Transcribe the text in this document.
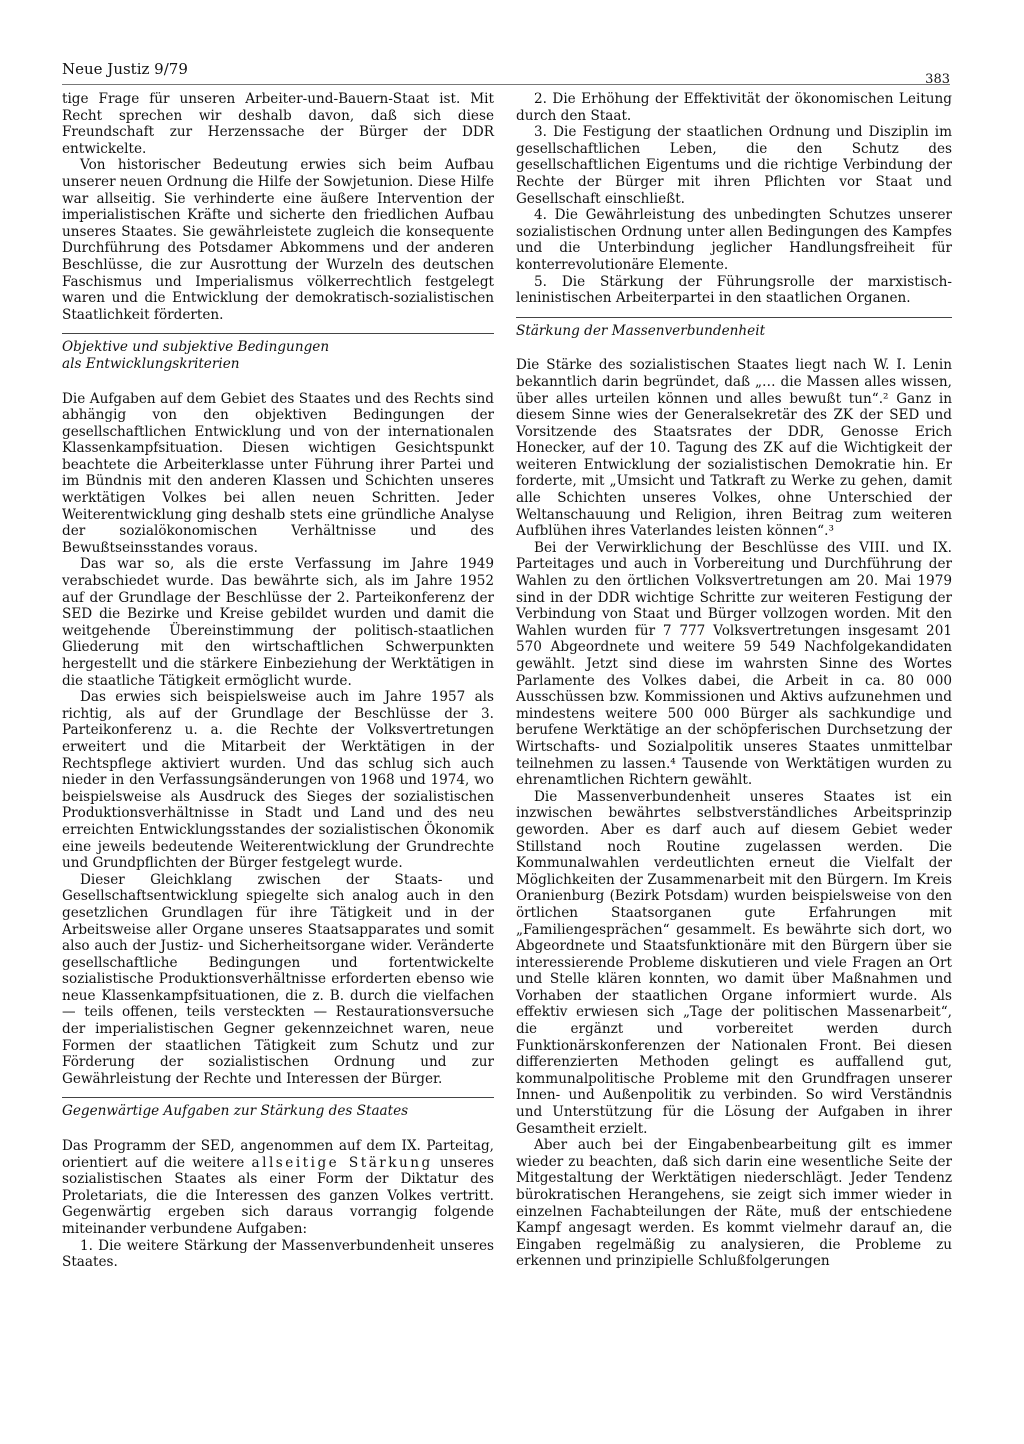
Neue Justiz 9/79
383

tige Frage für unseren Arbeiter-und-Bauern-Staat ist. Mit Recht sprechen wir deshalb davon, daß sich diese Freundschaft zur Herzenssache der Bürger der DDR entwickelte.

Von historischer Bedeutung erwies sich beim Aufbau unserer neuen Ordnung die Hilfe der Sowjetunion. Diese Hilfe war allseitig. Sie verhinderte eine äußere Intervention der imperialistischen Kräfte und sicherte den friedlichen Aufbau unseres Staates. Sie gewährleistete zugleich die konsequente Durchführung des Potsdamer Abkommens und der anderen Beschlüsse, die zur Ausrottung der Wurzeln des deutschen Faschismus und Imperialismus völkerrechtlich festgelegt waren und die Entwicklung der demokratisch-sozialistischen Staatlichkeit förderten.

Objektive und subjektive Bedingungen
als Entwicklungskriterien

Die Aufgaben auf dem Gebiet des Staates und des Rechts sind abhängig von den objektiven Bedingungen der gesellschaftlichen Entwicklung und von der internationalen Klassenkampfsituation. Diesen wichtigen Gesichtspunkt beachtete die Arbeiterklasse unter Führung ihrer Partei und im Bündnis mit den anderen Klassen und Schichten unseres werktätigen Volkes bei allen neuen Schritten. Jeder Weiterentwicklung ging deshalb stets eine gründliche Analyse der sozialökonomischen Verhältnisse und des Bewußtseinsstandes voraus.

Das war so, als die erste Verfassung im Jahre 1949 verabschiedet wurde. Das bewährte sich, als im Jahre 1952 auf der Grundlage der Beschlüsse der 2. Parteikonferenz der SED die Bezirke und Kreise gebildet wurden und damit die weitgehende Übereinstimmung der politisch-staatlichen Gliederung mit den wirtschaftlichen Schwerpunkten hergestellt und die stärkere Einbeziehung der Werktätigen in die staatliche Tätigkeit ermöglicht wurde.

Das erwies sich beispielsweise auch im Jahre 1957 als richtig, als auf der Grundlage der Beschlüsse der 3. Parteikonferenz u. a. die Rechte der Volksvertretungen erweitert und die Mitarbeit der Werktätigen in der Rechtspflege aktiviert wurden. Und das schlug sich auch nieder in den Verfassungsänderungen von 1968 und 1974, wo beispielsweise als Ausdruck des Sieges der sozialistischen Produktionsverhältnisse in Stadt und Land und des neu erreichten Entwicklungsstandes der sozialistischen Ökonomik eine jeweils bedeutende Weiterentwicklung der Grundrechte und Grundpflichten der Bürger festgelegt wurde.

Dieser Gleichklang zwischen der Staats- und Gesellschaftsentwicklung spiegelte sich analog auch in den gesetzlichen Grundlagen für ihre Tätigkeit und in der Arbeitsweise aller Organe unseres Staatsapparates und somit also auch der Justiz- und Sicherheitsorgane wider. Veränderte gesellschaftliche Bedingungen und fortentwickelte sozialistische Produktionsverhältnisse erforderten ebenso wie neue Klassenkampfsituationen, die z. B. durch die vielfachen — teils offenen, teils versteckten — Restaurationsversuche der imperialistischen Gegner gekennzeichnet waren, neue Formen der staatlichen Tätigkeit zum Schutz und zur Förderung der sozialistischen Ordnung und zur Gewährleistung der Rechte und Interessen der Bürger.

Gegenwärtige Aufgaben zur Stärkung des Staates

Das Programm der SED, angenommen auf dem IX. Parteitag, orientiert auf die weitere allseitige Stärkung unseres sozialistischen Staates als einer Form der Diktatur des Proletariats, die die Interessen des ganzen Volkes vertritt. Gegenwärtig ergeben sich daraus vorrangig folgende miteinander verbundene Aufgaben:

1. Die weitere Stärkung der Massenverbundenheit unseres Staates.

2. Die Erhöhung der Effektivität der ökonomischen Leitung durch den Staat.

3. Die Festigung der staatlichen Ordnung und Disziplin im gesellschaftlichen Leben, die den Schutz des gesellschaftlichen Eigentums und die richtige Verbindung der Rechte der Bürger mit ihren Pflichten vor Staat und Gesellschaft einschließt.

4. Die Gewährleistung des unbedingten Schutzes unserer sozialistischen Ordnung unter allen Bedingungen des Kampfes und die Unterbindung jeglicher Handlungsfreiheit für konterrevolutionäre Elemente.

5. Die Stärkung der Führungsrolle der marxistisch-leninistischen Arbeiterpartei in den staatlichen Organen.

Stärkung der Massenverbundenheit

Die Stärke des sozialistischen Staates liegt nach W. I. Lenin bekanntlich darin begründet, daß „… die Massen alles wissen, über alles urteilen können und alles bewußt tun“.² Ganz in diesem Sinne wies der Generalsekretär des ZK der SED und Vorsitzende des Staatsrates der DDR, Genosse Erich Honecker, auf der 10. Tagung des ZK auf die Wichtigkeit der weiteren Entwicklung der sozialistischen Demokratie hin. Er forderte, mit „Umsicht und Tatkraft zu Werke zu gehen, damit alle Schichten unseres Volkes, ohne Unterschied der Weltanschauung und Religion, ihren Beitrag zum weiteren Aufblühen ihres Vaterlandes leisten können“.³

Bei der Verwirklichung der Beschlüsse des VIII. und IX. Parteitages und auch in Vorbereitung und Durchführung der Wahlen zu den örtlichen Volksvertretungen am 20. Mai 1979 sind in der DDR wichtige Schritte zur weiteren Festigung der Verbindung von Staat und Bürger vollzogen worden. Mit den Wahlen wurden für 7 777 Volksvertretungen insgesamt 201 570 Abgeordnete und weitere 59 549 Nachfolgekandidaten gewählt. Jetzt sind diese im wahrsten Sinne des Wortes Parlamente des Volkes dabei, die Arbeit in ca. 80 000 Ausschüssen bzw. Kommissionen und Aktivs aufzunehmen und mindestens weitere 500 000 Bürger als sachkundige und berufene Werktätige an der schöpferischen Durchsetzung der Wirtschafts- und Sozialpolitik unseres Staates unmittelbar teilnehmen zu lassen.⁴ Tausende von Werktätigen wurden zu ehrenamtlichen Richtern gewählt.

Die Massenverbundenheit unseres Staates ist ein inzwischen bewährtes selbstverständliches Arbeitsprinzip geworden. Aber es darf auch auf diesem Gebiet weder Stillstand noch Routine zugelassen werden. Die Kommunalwahlen verdeutlichten erneut die Vielfalt der Möglichkeiten der Zusammenarbeit mit den Bürgern. Im Kreis Oranienburg (Bezirk Potsdam) wurden beispielsweise von den örtlichen Staatsorganen gute Erfahrungen mit „Familiengesprächen“ gesammelt. Es bewährte sich dort, wo Abgeordnete und Staatsfunktionäre mit den Bürgern über sie interessierende Probleme diskutieren und viele Fragen an Ort und Stelle klären konnten, wo damit über Maßnahmen und Vorhaben der staatlichen Organe informiert wurde. Als effektiv erwiesen sich „Tage der politischen Massenarbeit“, die ergänzt und vorbereitet werden durch Funktionärskonferenzen der Nationalen Front. Bei diesen differenzierten Methoden gelingt es auffallend gut, kommunalpolitische Probleme mit den Grundfragen unserer Innen- und Außenpolitik zu verbinden. So wird Verständnis und Unterstützung für die Lösung der Aufgaben in ihrer Gesamtheit erzielt.

Aber auch bei der Eingabenbearbeitung gilt es immer wieder zu beachten, daß sich darin eine wesentliche Seite der Mitgestaltung der Werktätigen niederschlägt. Jeder Tendenz bürokratischen Herangehens, sie zeigt sich immer wieder in einzelnen Fachabteilungen der Räte, muß der entschiedene Kampf angesagt werden. Es kommt vielmehr darauf an, die Eingaben regelmäßig zu analysieren, die Probleme zu erkennen und prinzipielle Schlußfolgerungen
